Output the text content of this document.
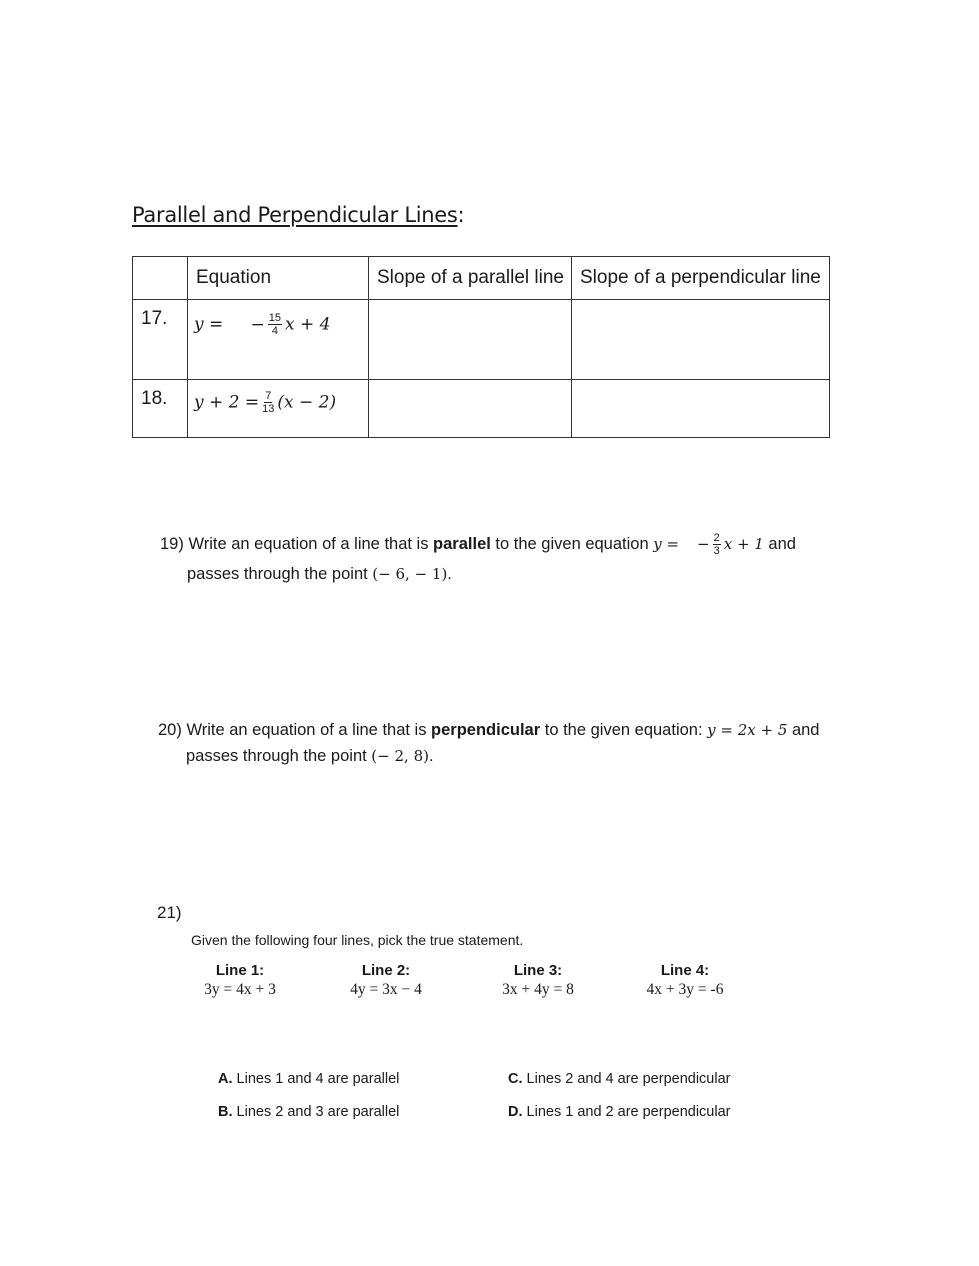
Parallel and Perpendicular Lines:
	Equation	Slope of a parallel line	Slope of a perpendicular line
17.	y = − $\frac{15}{4}$ x + 4		
18.	$y + 2 = \frac{7}{13} (x - 2)$		
19) Write an equation of a line that is parallel to the given equation y = − $\frac{2}{3}$ x + 1 and
passes through the point (− 6, − 1).
20) Write an equation of a line that is perpendicular to the given equation: y = 2x + 5 and
passes through the point (− 2, 8).
21)
Given the following four lines, pick the true statement.
Line 1:
3y = 4x + 3
Line 2:
4y = 3x − 4
Line 3:
3x + 4y = 8
Line 4:
4x + 3y = -6
A. Lines 1 and 4 are parallel
B. Lines 2 and 3 are parallel
C. Lines 2 and 4 are perpendicular
D. Lines 1 and 2 are perpendicular
